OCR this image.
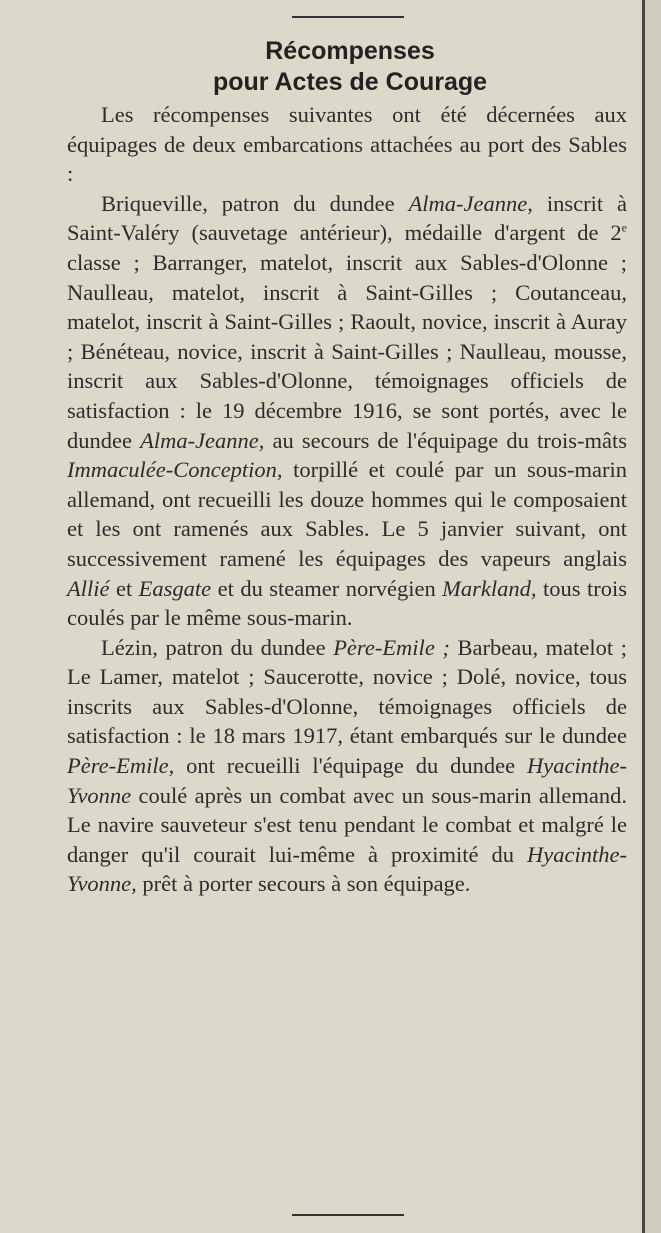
Récompenses
pour Actes de Courage

Les récompenses suivantes ont été décernées aux équipages de deux embarcations attachées au port des Sables :

Briqueville, patron du dundee Alma-Jeanne, inscrit à Saint-Valéry (sauvetage antérieur), médaille d'argent de 2e classe ; Barranger, matelot, inscrit aux Sables-d'Olonne ; Naulleau, matelot, inscrit à Saint-Gilles ; Coutanceau, matelot, inscrit à Saint-Gilles ; Raoult, novice, inscrit à Auray ; Bénéteau, novice, inscrit à Saint-Gilles ; Naulleau, mousse, inscrit aux Sables-d'Olonne, témoignages officiels de satisfaction : le 19 décembre 1916, se sont portés, avec le dundee Alma-Jeanne, au secours de l'équipage du trois-mâts Immaculée-Conception, torpillé et coulé par un sous-marin allemand, ont recueilli les douze hommes qui le composaient et les ont ramenés aux Sables. Le 5 janvier suivant, ont successivement ramené les équipages des vapeurs anglais Allié et Easgate et du steamer norvégien Markland, tous trois coulés par le même sous-marin.

Lézin, patron du dundee Père-Emile ; Barbeau, matelot ; Le Lamer, matelot ; Saucerotte, novice ; Dolé, novice, tous inscrits aux Sables-d'Olonne, témoignages officiels de satisfaction : le 18 mars 1917, étant embarqués sur le dundee Père-Emile, ont recueilli l'équipage du dundee Hyacinthe-Yvonne coulé après un combat avec un sous-marin allemand. Le navire sauveteur s'est tenu pendant le combat et malgré le danger qu'il courait lui-même à proximité du Hyacinthe-Yvonne, prêt à porter secours à son équipage.
